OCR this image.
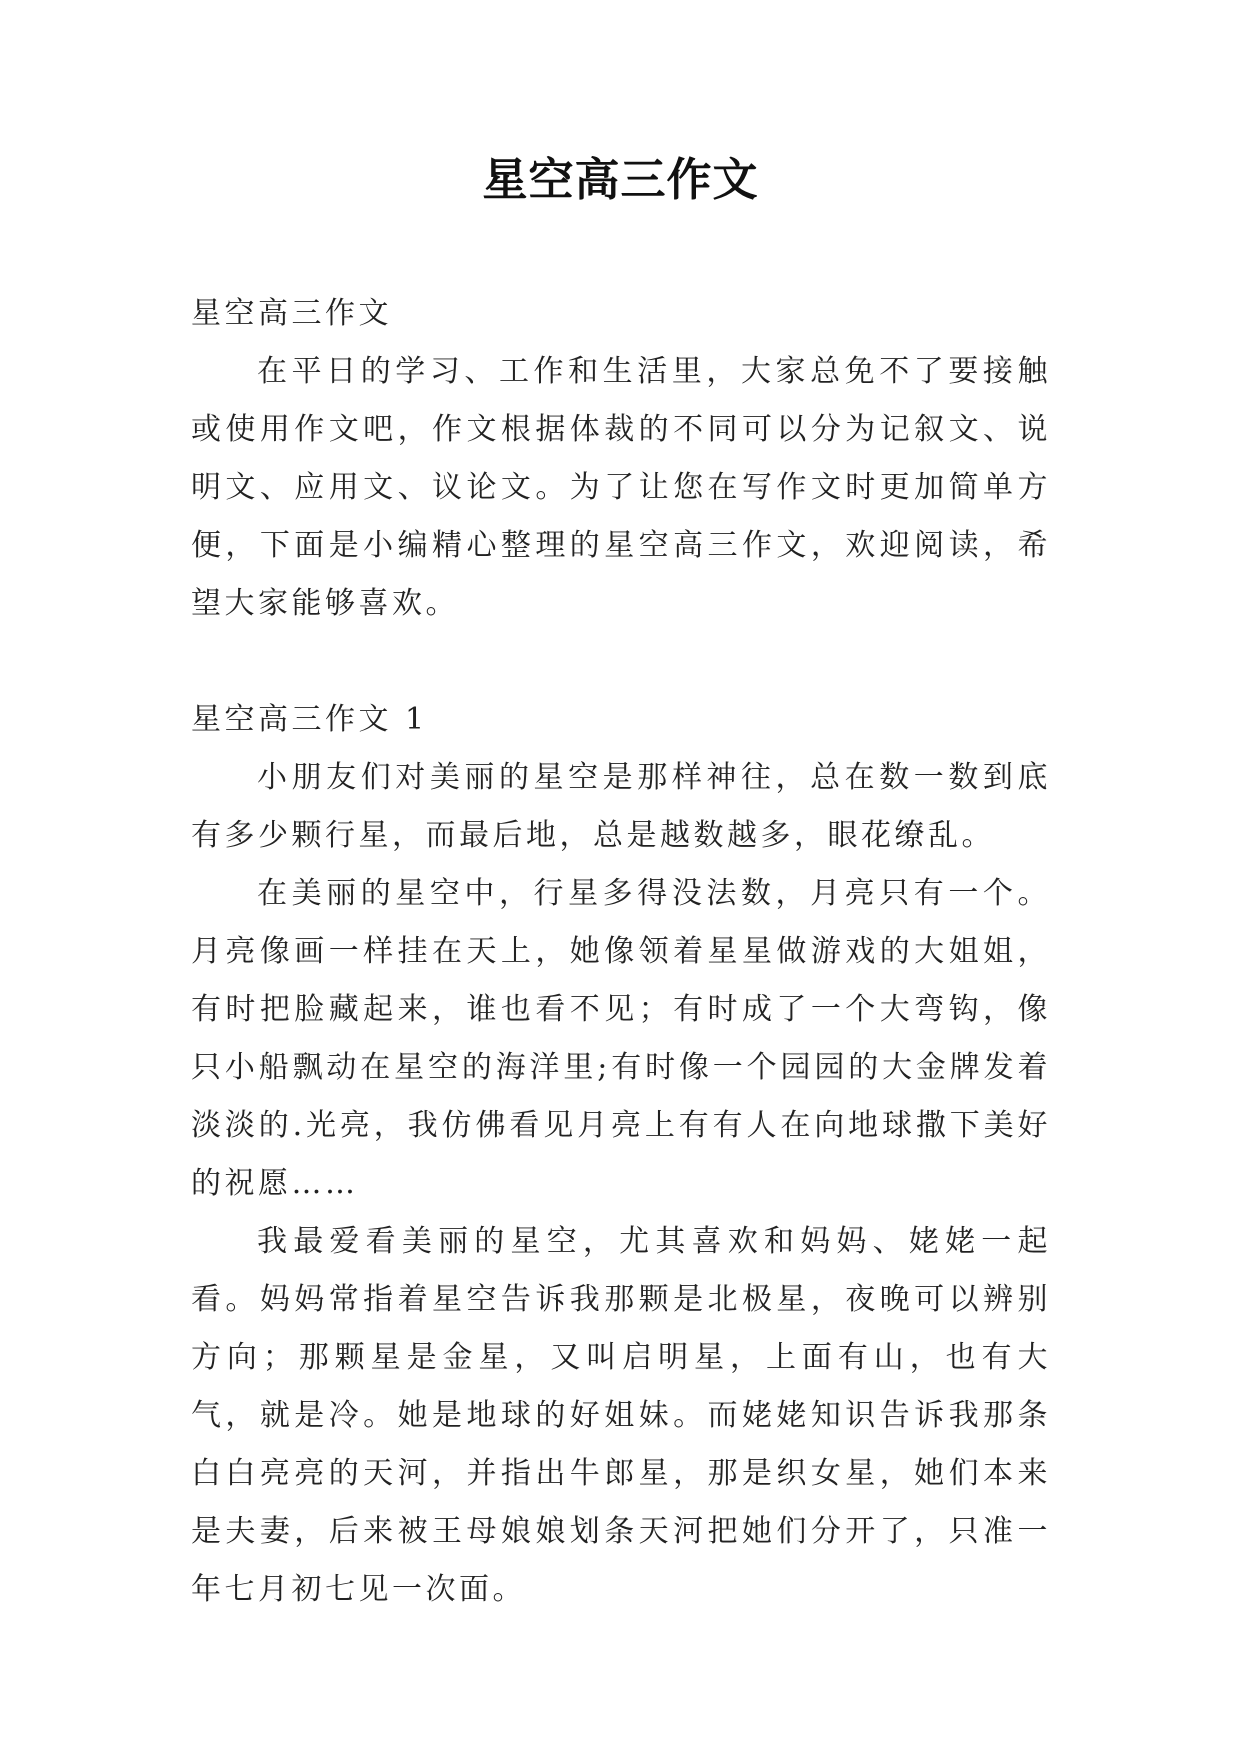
星空高三作文

星空高三作文

在平日的学习、工作和生活里，大家总免不了要接触或使用作文吧，作文根据体裁的不同可以分为记叙文、说明文、应用文、议论文。为了让您在写作文时更加简单方便，下面是小编精心整理的星空高三作文，欢迎阅读，希望大家能够喜欢。

星空高三作文 1

小朋友们对美丽的星空是那样神往，总在数一数到底有多少颗行星，而最后地，总是越数越多，眼花缭乱。

在美丽的星空中，行星多得没法数，月亮只有一个。月亮像画一样挂在天上，她像领着星星做游戏的大姐姐，有时把脸藏起来，谁也看不见；有时成了一个大弯钩，像只小船飘动在星空的海洋里;有时像一个园园的大金牌发着淡淡的.光亮，我仿佛看见月亮上有有人在向地球撒下美好的祝愿……

我最爱看美丽的星空，尤其喜欢和妈妈、姥姥一起看。妈妈常指着星空告诉我那颗是北极星，夜晚可以辨别方向；那颗星是金星，又叫启明星，上面有山，也有大气，就是冷。她是地球的好姐妹。而姥姥知识告诉我那条白白亮亮的天河，并指出牛郎星，那是织女星，她们本来是夫妻，后来被王母娘娘划条天河把她们分开了，只准一年七月初七见一次面。
